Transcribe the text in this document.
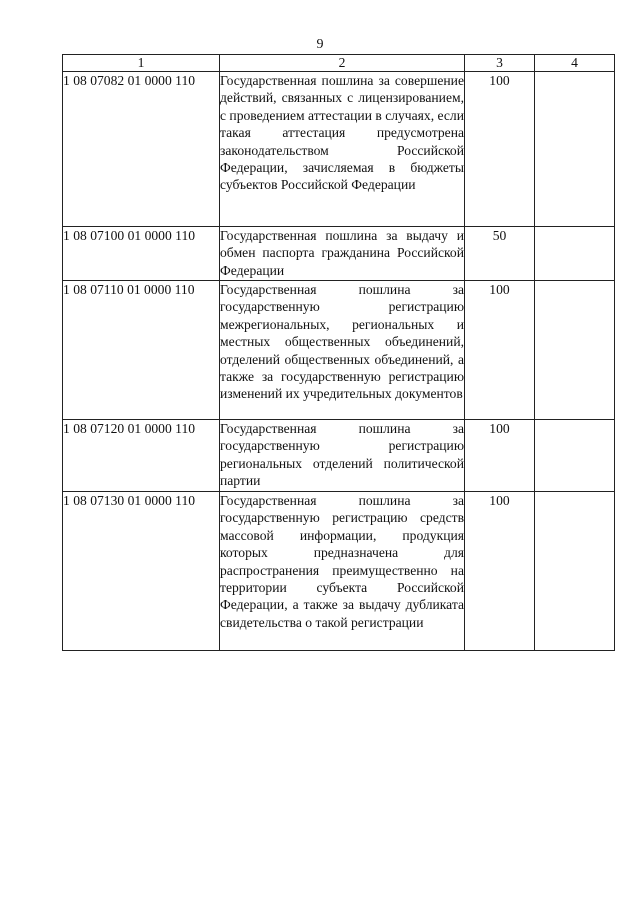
9
1	2	3	4
1 08 07082 01 0000 110	Государственная пошлина за совершение действий, связанных с лицензированием, с проведением аттестации в случаях, если такая аттестация предусмотрена законодательством Российской Федерации, зачисляемая в бюджеты субъектов Российской Федерации	100	
1 08 07100 01 0000 110	Государственная пошлина за выдачу и обмен паспорта гражданина Российской Федерации	50	
1 08 07110 01 0000 110	Государственная пошлина за государственную регистрацию межрегиональных, региональных и местных общественных объединений, отделений общественных объединений, а также за государственную регистрацию изменений их учредительных документов	100	
1 08 07120 01 0000 110	Государственная пошлина за государственную регистрацию региональных отделений политической партии	100	
1 08 07130 01 0000 110	Государственная пошлина за государственную регистрацию средств массовой информации, продукция которых предназначена для распространения преимущественно на территории субъекта Российской Федерации, а также за выдачу дубликата свидетельства о такой регистрации	100	
